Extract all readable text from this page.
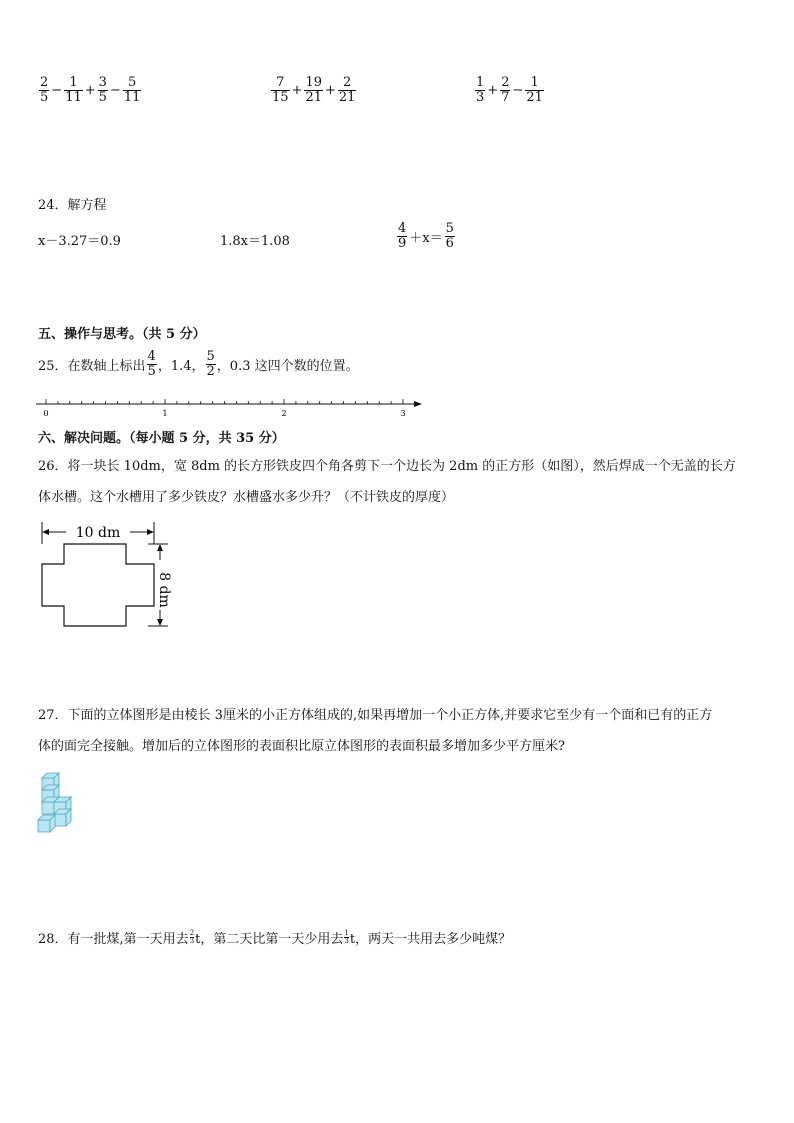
$\frac{2}{5} - \frac{1}{11} + \frac{3}{5} - \frac{5}{11}$	$\frac{7}{15} + \frac{19}{21} + \frac{2}{21}$	$\frac{1}{3} + \frac{2}{7} - \frac{1}{21}$
24．解方程
x－3.27＝0.9	1.8x＝1.08	$\frac{4}{9} +x= \frac{5}{6}$
五、操作与思考。（共 5 分）
25．在数轴上标出 $\frac{4}{5}$ ，1.4， $\frac{5}{2}$ ，0.3 这四个数的位置。
0	1	2	3
六、解决问题。（每小题 5 分，共 35 分）
26．将一块长 10dm，宽 8dm 的长方形铁皮四个角各剪下一个边长为 2dm 的正方形（如图），然后焊成一个无盖的长方
体水槽。这个水槽用了多少铁皮？水槽盛水多少升？（不计铁皮的厚度）
10 dm
8 dm
27．下面的立体图形是由棱长 3厘米的小正方体组成的,如果再增加一个小正方体,并要求它至少有一个面和已有的正方
体的面完全接触。增加后的立体图形的表面积比原立体图形的表面积最多增加多少平方厘米?
28．有一批煤,第一天用去 $\frac{2}{3}$ t，第二天比第一天少用去 $\frac{1}{3}$ t，两天一共用去多少吨煤？
